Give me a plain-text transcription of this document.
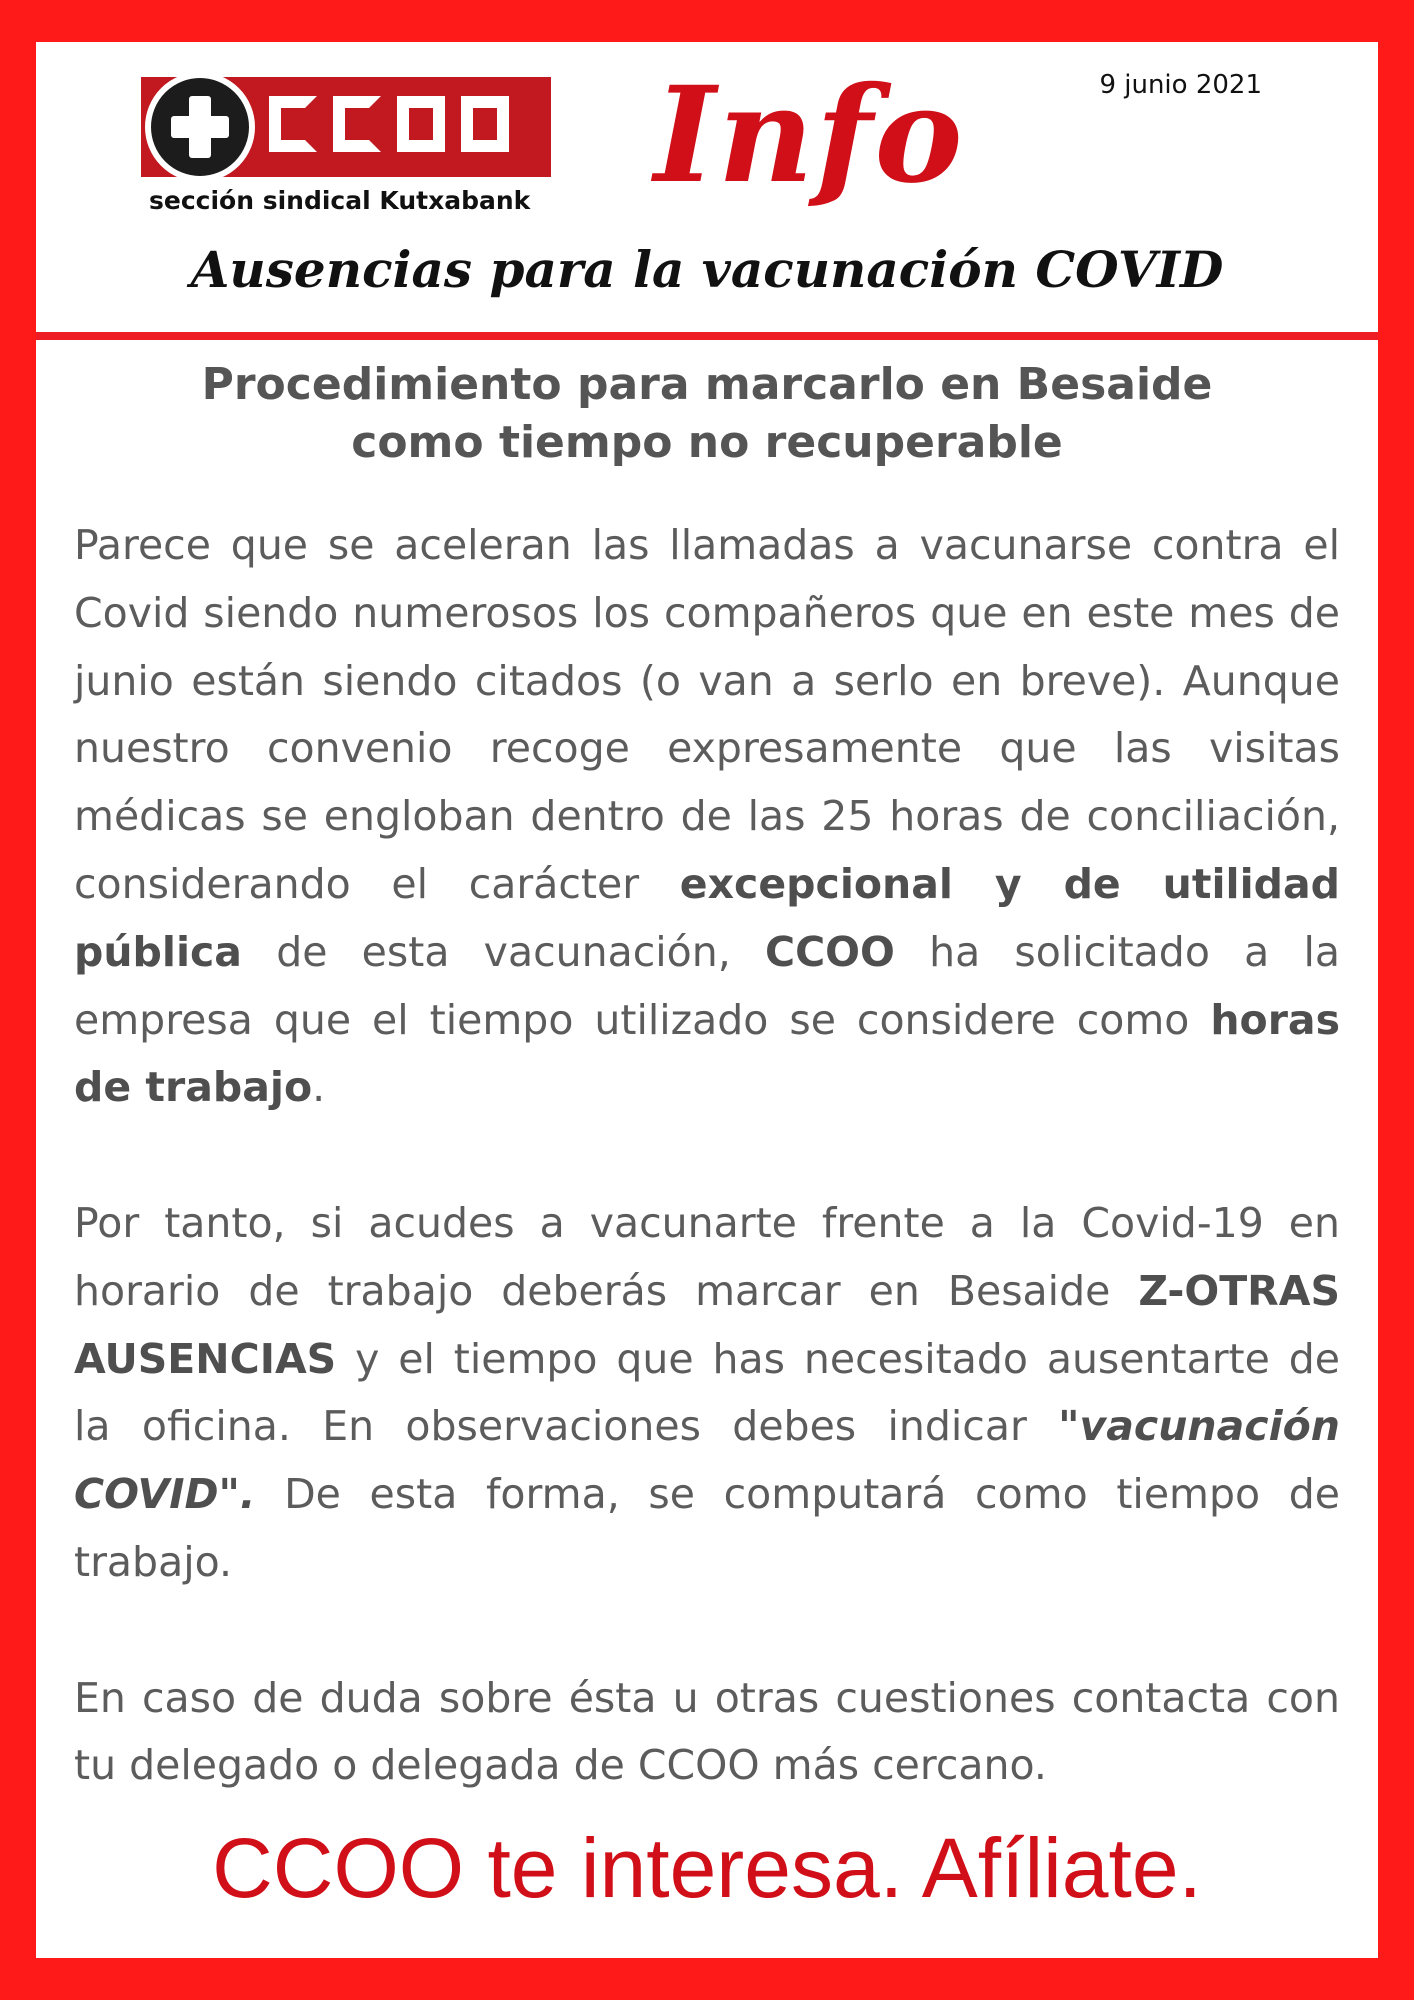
sección sindical Kutxabank Info	9 junio 2021
Ausencias para la vacunación COVID
Procedimiento para marcarlo en Besaide
como tiempo no recuperable

Parece que se aceleran las llamadas a vacunarse contra el Covid siendo numerosos los compañeros que en este mes de junio están siendo citados (o van a serlo en breve). Aunque nuestro convenio recoge expresamente que las visitas médicas se engloban dentro de las 25 horas de conciliación, considerando el carácter excepcional y de utilidad pública de esta vacunación, CCOO ha solicitado a la empresa que el tiempo utilizado se considere como horas de trabajo.

Por tanto, si acudes a vacunarte frente a la Covid-19 en horario de trabajo deberás marcar en Besaide Z-OTRAS AUSENCIAS y el tiempo que has necesitado ausentarte de la oficina. En observaciones debes indicar "vacunación COVID". De esta forma, se computará como tiempo de trabajo.

En caso de duda sobre ésta u otras cuestiones contacta con tu delegado o delegada de CCOO más cercano.

CCOO te interesa. Afíliate.
